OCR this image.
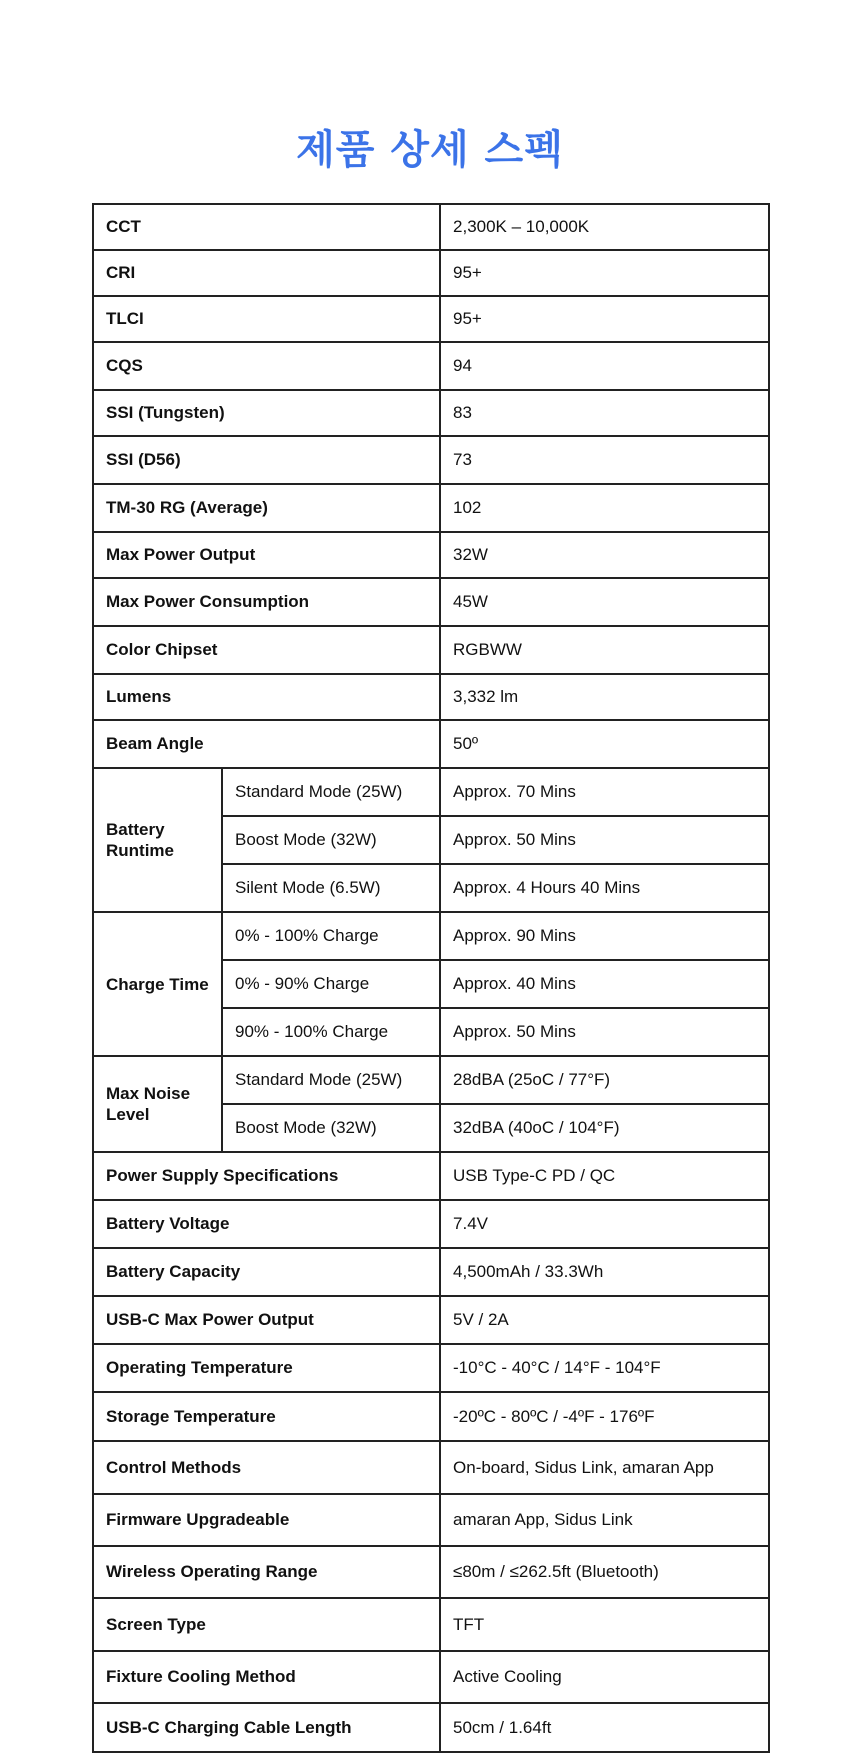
제품 상세 스펙
CCT		2,300K – 10,000K
CRI		95+
TLCI		95+
CQS		94
SSI (Tungsten)		83
SSI (D56)		73
TM-30 RG (Average)		102
Max Power Output		32W
Max Power Consumption		45W
Color Chipset		RGBWW
Lumens		3,332 lm
Beam Angle		50º
Battery Runtime	Standard Mode (25W)	Approx. 70 Mins
	Boost Mode (32W)	Approx. 50 Mins
	Silent Mode (6.5W)	Approx. 4 Hours 40 Mins
Charge Time	0% - 100% Charge	Approx. 90 Mins
	0% - 90% Charge	Approx. 40 Mins
	90% - 100% Charge	Approx. 50 Mins
Max Noise Level	Standard Mode (25W)	28dBA (25oC / 77°F)
	Boost Mode (32W)	32dBA (40oC / 104°F)
Power Supply Specifications		USB Type-C PD / QC
Battery Voltage		7.4V
Battery Capacity		4,500mAh / 33.3Wh
USB-C Max Power Output		5V / 2A
Operating Temperature		-10°C - 40°C / 14°F - 104°F
Storage Temperature		-20ºC - 80ºC / -4ºF - 176ºF
Control Methods		On-board, Sidus Link, amaran App
Firmware Upgradeable		amaran App, Sidus Link
Wireless Operating Range		≤80m / ≤262.5ft (Bluetooth)
Screen Type		TFT
Fixture Cooling Method		Active Cooling
USB-C Charging Cable Length		50cm / 1.64ft
